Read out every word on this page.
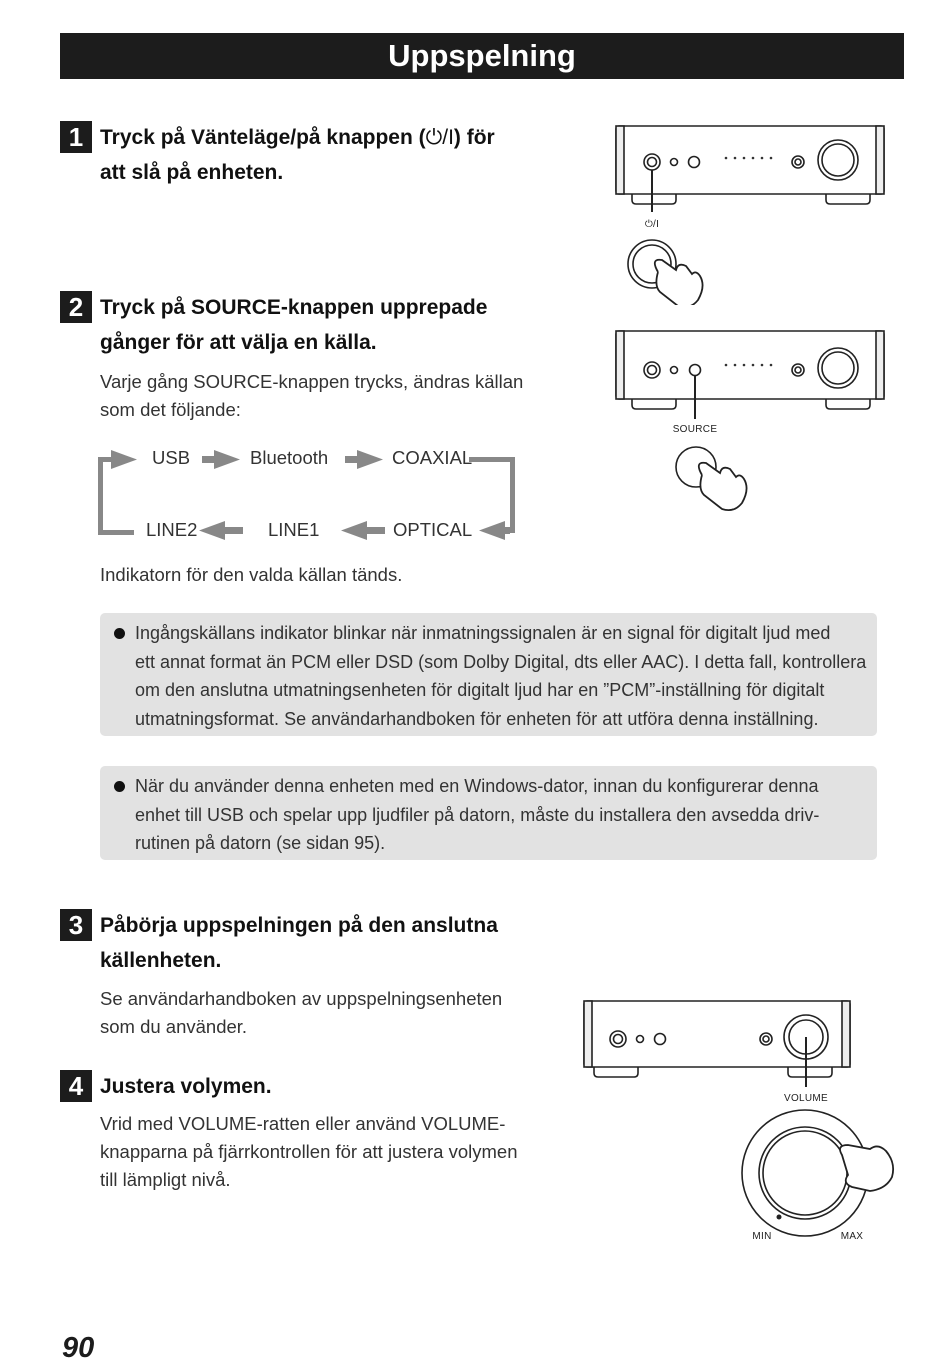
Uppspelning
1 Tryck på Vänteläge/på knappen (⏻/I) för
att slå på enheten.
2 Tryck på SOURCE-knappen upprepade
gånger för att välja en källa.
Varje gång SOURCE-knappen trycks, ändras källan
som det följande:
USB	Bluetooth	COAXIAL
LINE2	LINE1	OPTICAL
Indikatorn för den valda källan tänds.
Ingångskällans indikator blinkar när inmatningssignalen är en signal för digitalt ljud med
ett annat format än PCM eller DSD (som Dolby Digital, dts eller AAC). I detta fall, kontrollera
om den anslutna utmatningsenheten för digitalt ljud har en ”PCM”-inställning för digitalt
utmatningsformat. Se användarhandboken för enheten för att utföra denna inställning.
När du använder denna enheten med en Windows-dator, innan du konfigurerar denna
enhet till USB och spelar upp ljudfiler på datorn, måste du installera den avsedda driv-
rutinen på datorn (se sidan 95).
3 Påbörja uppspelningen på den anslutna
källenheten.
Se användarhandboken av uppspelningsenheten
som du använder.
4 Justera volymen.
Vrid med VOLUME-ratten eller använd VOLUME-
knapparna på fjärrkontrollen för att justera volymen
till lämpligt nivå.
⏻/I
SOURCE
VOLUME
MIN	MAX
90
